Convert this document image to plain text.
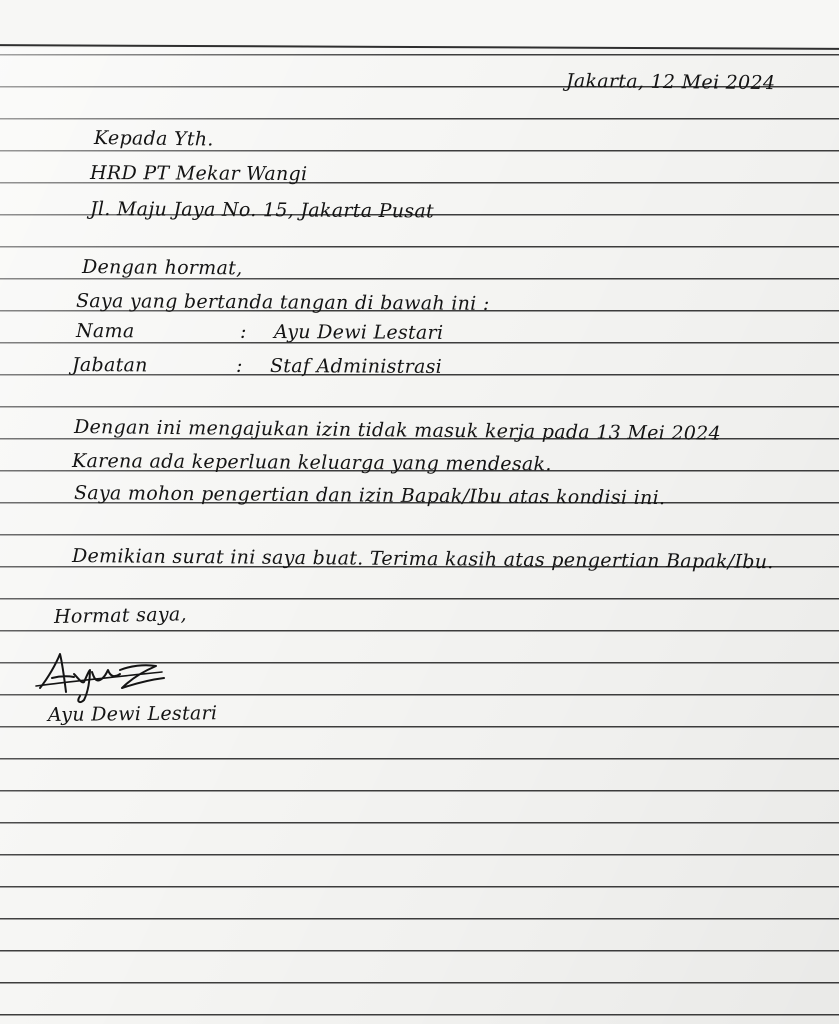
Jakarta, 12 Mei 2024

Kepada Yth.

HRD PT Mekar Wangi

Jl. Maju Jaya No. 15, Jakarta Pusat

Dengan hormat,

Saya yang bertanda tangan di bawah ini :

Nama	: Ayu Dewi Lestari
Jabatan	: Staf Administrasi

Dengan ini mengajukan izin tidak masuk kerja pada 13 Mei 2024

Karena ada keperluan keluarga yang mendesak.

Saya mohon pengertian dan izin Bapak/Ibu atas kondisi ini.

Demikian surat ini saya buat. Terima kasih atas pengertian Bapak/Ibu.

Hormat saya,

Ayu Dewi Lestari
